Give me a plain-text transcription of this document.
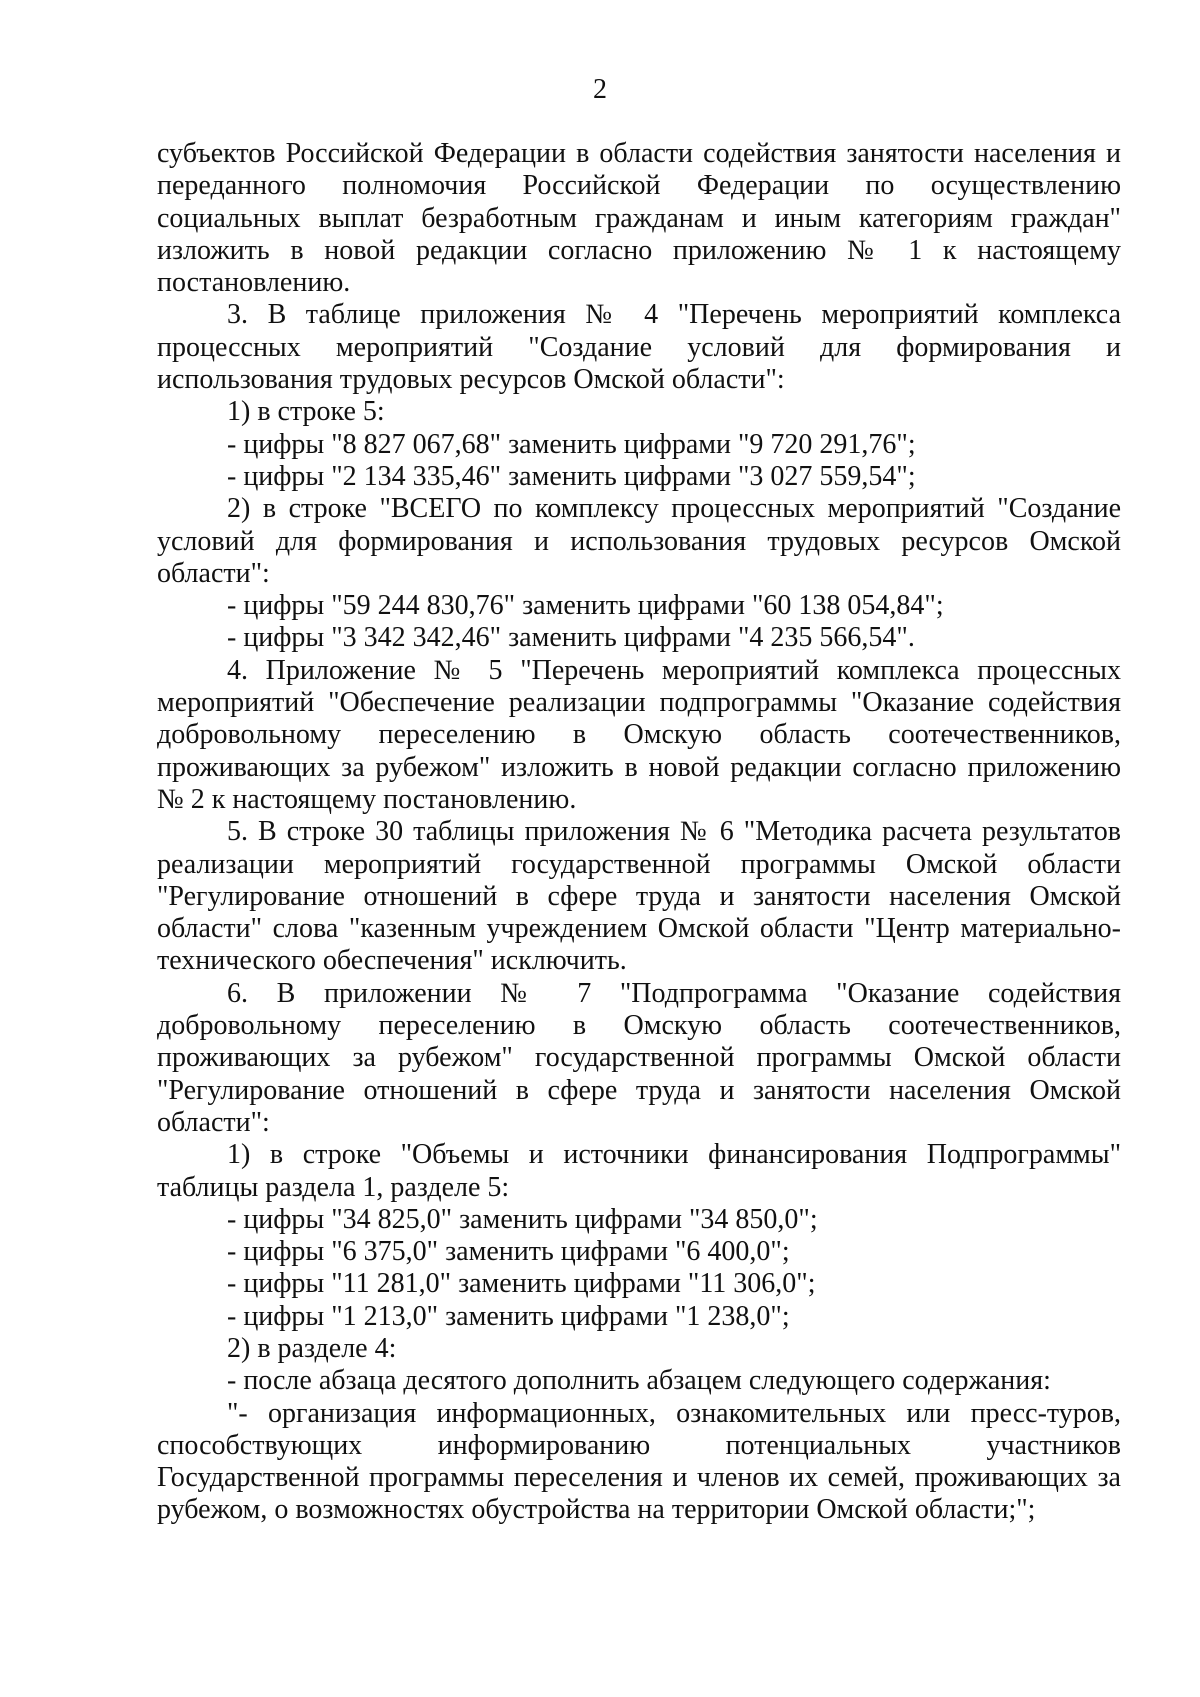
2

субъектов Российской Федерации в области содействия занятости населения и переданного полномочия Российской Федерации по осуществлению социальных выплат безработным гражданам и иным категориям граждан" изложить в новой редакции согласно приложению № 1 к настоящему постановлению.

3. В таблице приложения № 4 "Перечень мероприятий комплекса процессных мероприятий "Создание условий для формирования и использования трудовых ресурсов Омской области":

1) в строке 5:

- цифры "8 827 067,68" заменить цифрами "9 720 291,76";

- цифры "2 134 335,46" заменить цифрами "3 027 559,54";

2) в строке "ВСЕГО по комплексу процессных мероприятий "Создание условий для формирования и использования трудовых ресурсов Омской области":

- цифры "59 244 830,76" заменить цифрами "60 138 054,84";

- цифры "3 342 342,46" заменить цифрами "4 235 566,54".

4. Приложение № 5 "Перечень мероприятий комплекса процессных мероприятий "Обеспечение реализации подпрограммы "Оказание содействия добровольному переселению в Омскую область соотечественников, проживающих за рубежом" изложить в новой редакции согласно приложению № 2 к настоящему постановлению.

5. В строке 30 таблицы приложения № 6 "Методика расчета результатов реализации мероприятий государственной программы Омской области "Регулирование отношений в сфере труда и занятости населения Омской области" слова "казенным учреждением Омской области "Центр материально-технического обеспечения" исключить.

6. В приложении № 7 "Подпрограмма "Оказание содействия добровольному переселению в Омскую область соотечественников, проживающих за рубежом" государственной программы Омской области "Регулирование отношений в сфере труда и занятости населения Омской области":

1) в строке "Объемы и источники финансирования Подпрограммы" таблицы раздела 1, разделе 5:

- цифры "34 825,0" заменить цифрами "34 850,0";

- цифры "6 375,0" заменить цифрами "6 400,0";

- цифры "11 281,0" заменить цифрами "11 306,0";

- цифры "1 213,0" заменить цифрами "1 238,0";

2) в разделе 4:

- после абзаца десятого дополнить абзацем следующего содержания:

"- организация информационных, ознакомительных или пресс-туров, способствующих информированию потенциальных участников Государственной программы переселения и членов их семей, проживающих за рубежом, о возможностях обустройства на территории Омской области;";
